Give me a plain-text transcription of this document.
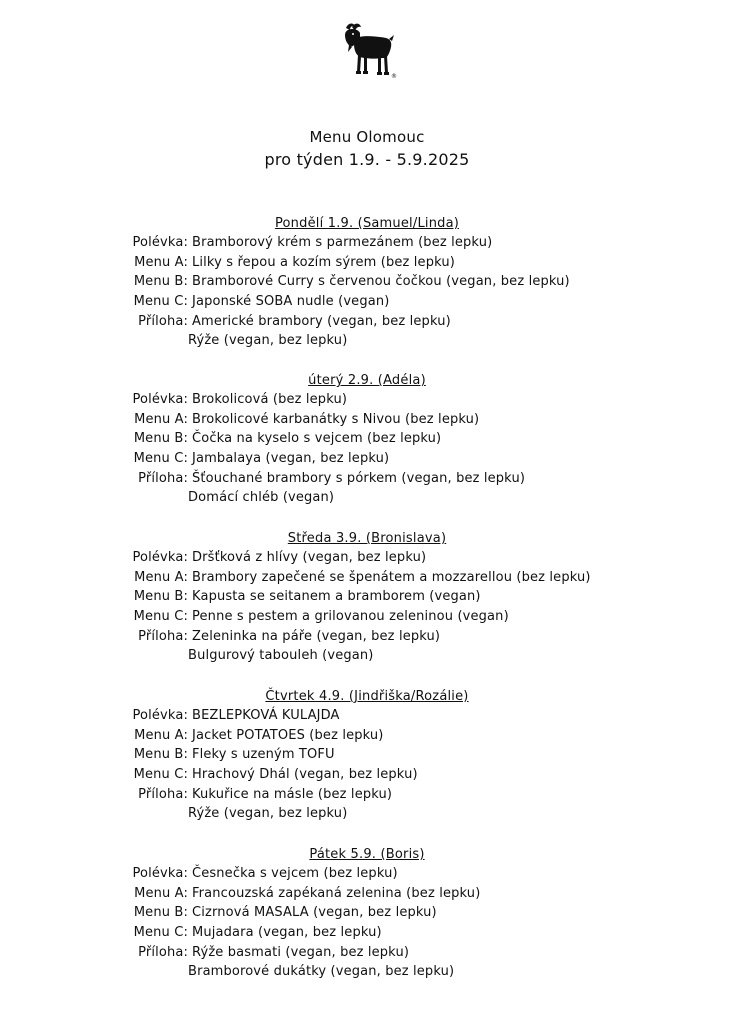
®
Menu Olomouc
pro týden 1.9. - 5.9.2025
Pondělí 1.9. (Samuel/Linda)
Polévka: Bramborový krém s parmezánem (bez lepku)
Menu A: Lilky s řepou a kozím sýrem (bez lepku)
Menu B: Bramborové Curry s červenou čočkou (vegan, bez lepku)
Menu C: Japonské SOBA nudle (vegan)
Příloha: Americké brambory (vegan, bez lepku)
Rýže (vegan, bez lepku)
úterý 2.9. (Adéla)
Polévka: Brokolicová (bez lepku)
Menu A: Brokolicové karbanátky s Nivou (bez lepku)
Menu B: Čočka na kyselo s vejcem (bez lepku)
Menu C: Jambalaya (vegan, bez lepku)
Příloha: Šťouchané brambory s pórkem (vegan, bez lepku)
Domácí chléb (vegan)
Středa 3.9. (Bronislava)
Polévka: Dršťková z hlívy (vegan, bez lepku)
Menu A: Brambory zapečené se špenátem a mozzarellou (bez lepku)
Menu B: Kapusta se seitanem a bramborem (vegan)
Menu C: Penne s pestem a grilovanou zeleninou (vegan)
Příloha: Zeleninka na páře (vegan, bez lepku)
Bulgurový tabouleh (vegan)
Čtvrtek 4.9. (Jindřiška/Rozálie)
Polévka: BEZLEPKOVÁ KULAJDA
Menu A: Jacket POTATOES (bez lepku)
Menu B: Fleky s uzeným TOFU
Menu C: Hrachový Dhál (vegan, bez lepku)
Příloha: Kukuřice na másle (bez lepku)
Rýže (vegan, bez lepku)
Pátek 5.9. (Boris)
Polévka: Česnečka s vejcem (bez lepku)
Menu A: Francouzská zapékaná zelenina (bez lepku)
Menu B: Cizrnová MASALA (vegan, bez lepku)
Menu C: Mujadara (vegan, bez lepku)
Příloha: Rýže basmati (vegan, bez lepku)
Bramborové dukátky (vegan, bez lepku)
